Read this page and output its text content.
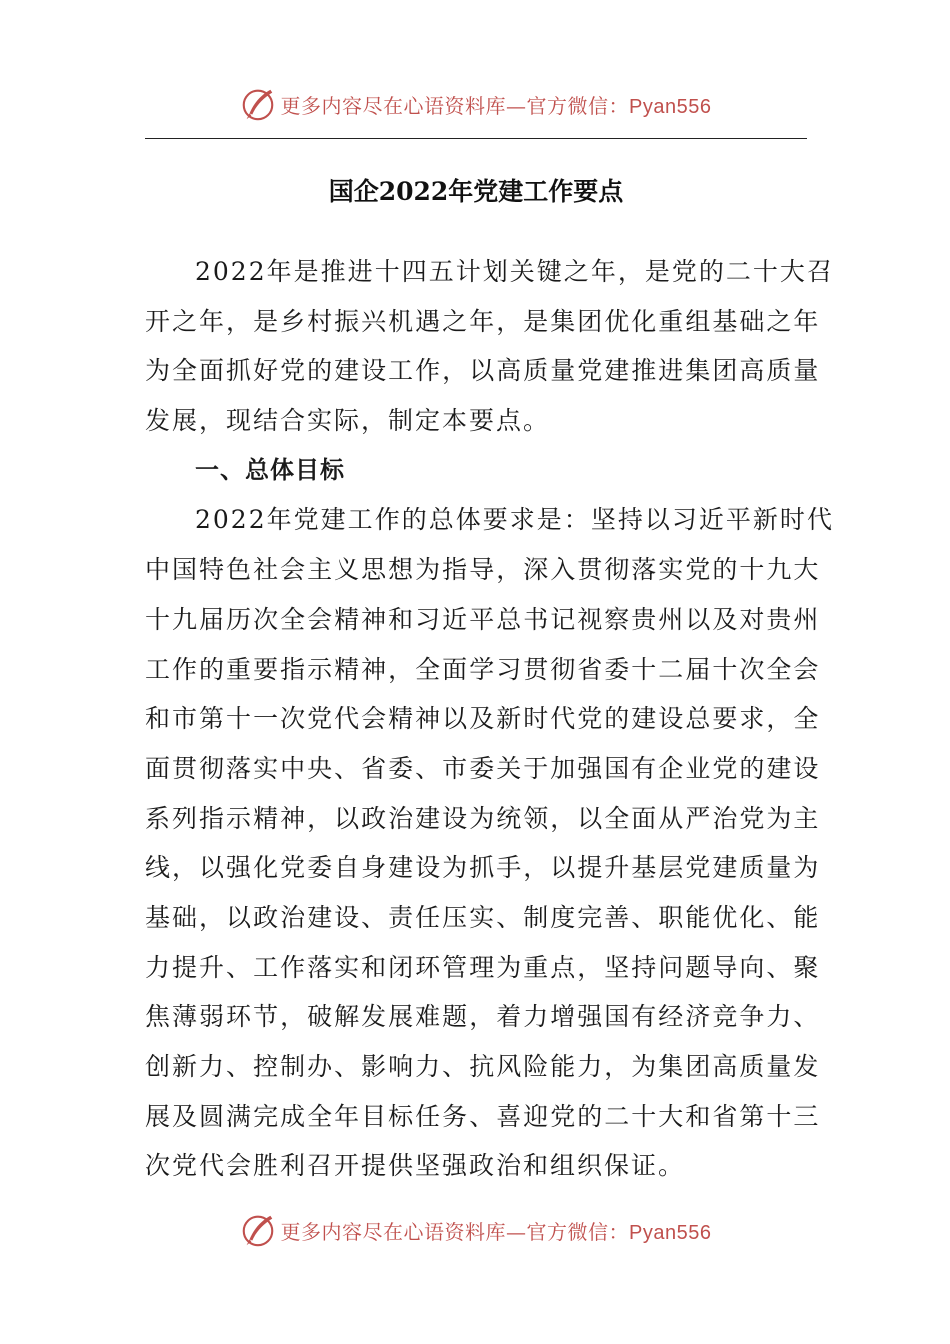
更多内容尽在心语资料库—官方微信：Pyan556
国企2022年党建工作要点
2022 年 是 推 进 十 四 五 计 划 关 键 之 年 ， 是 党 的 二 十 大 召
开 之 年 ， 是 乡 村 振 兴 机 遇 之 年 ， 是 集 团 优 化 重 组 基 础 之 年
为 全 面 抓 好 党 的 建 设 工 作 ， 以 高 质 量 党 建 推 进 集 团 高 质 量
发展，现结合实际，制定本要点。
一、总体目标
2022 年 党 建 工 作 的 总 体 要 求 是 ： 坚 持 以 习 近 平 新 时 代
中 国 特 色 社 会 主 义 思 想 为 指 导 ， 深 入 贯 彻 落 实 党 的 十 九 大
十 九 届 历 次 全 会 精 神 和 习 近 平 总 书 记 视 察 贵 州 以 及 对 贵 州
工 作 的 重 要 指 示 精 神 ， 全 面 学 习 贯 彻 省 委 十 二 届 十 次 全 会
和 市 第 十 一 次 党 代 会 精 神 以 及 新 时 代 党 的 建 设 总 要 求 ， 全
面 贯 彻 落 实 中 央 、 省 委 、 市 委 关 于 加 强 国 有 企 业 党 的 建 设
系 列 指 示 精 神 ， 以 政 治 建 设 为 统 领 ， 以 全 面 从 严 治 党 为 主
线 ， 以 强 化 党 委 自 身 建 设 为 抓 手 ， 以 提 升 基 层 党 建 质 量 为
基 础 ， 以 政 治 建 设 、 责 任 压 实 、 制 度 完 善 、 职 能 优 化 、 能
力 提 升 、 工 作 落 实 和 闭 环 管 理 为 重 点 ， 坚 持 问 题 导 向 、 聚
焦 薄 弱 环 节 ， 破 解 发 展 难 题 ， 着 力 增 强 国 有 经 济 竞 争 力 、
创 新 力 、 控 制 办 、 影 响 力 、 抗 风 险 能 力 ， 为 集 团 高 质 量 发
展 及 圆 满 完 成 全 年 目 标 任 务 、 喜 迎 党 的 二 十 大 和 省 第 十 三
次党代会胜利召开提供坚强政治和组织保证。
更多内容尽在心语资料库—官方微信：Pyan556
